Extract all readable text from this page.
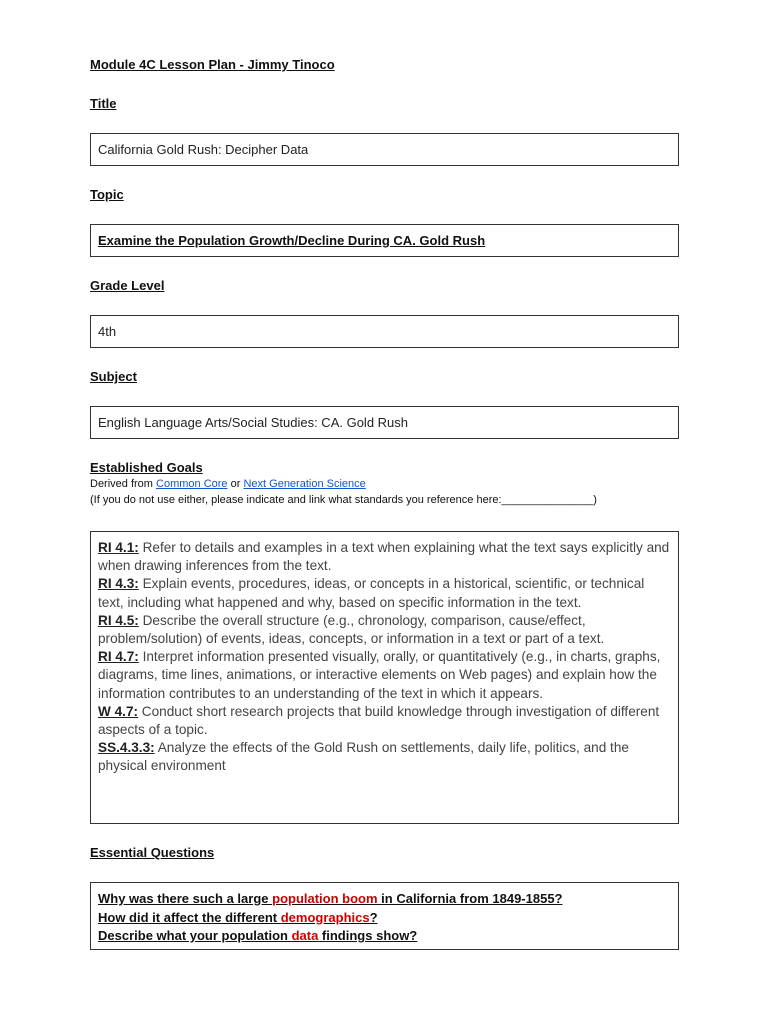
Module 4C Lesson Plan - Jimmy Tinoco
Title
California Gold Rush: Decipher Data
Topic
Examine the Population Growth/Decline During CA. Gold Rush
Grade Level
4th
Subject
English Language Arts/Social Studies: CA. Gold Rush
Established Goals
Derived from Common Core or Next Generation Science
(If you do not use either, please indicate and link what standards you reference here:_______________)
RI 4.1: Refer to details and examples in a text when explaining what the text says explicitly and when drawing inferences from the text.
RI 4.3: Explain events, procedures, ideas, or concepts in a historical, scientific, or technical text, including what happened and why, based on specific information in the text.
RI 4.5: Describe the overall structure (e.g., chronology, comparison, cause/effect, problem/solution) of events, ideas, concepts, or information in a text or part of a text.
RI 4.7: Interpret information presented visually, orally, or quantitatively (e.g., in charts, graphs, diagrams, time lines, animations, or interactive elements on Web pages) and explain how the information contributes to an understanding of the text in which it appears.
W 4.7: Conduct short research projects that build knowledge through investigation of different aspects of a topic.
SS.4.3.3: Analyze the effects of the Gold Rush on settlements, daily life, politics, and the physical environment
Essential Questions
Why was there such a large population boom in California from 1849-1855?
How did it affect the different demographics?
Describe what your population data findings show?
